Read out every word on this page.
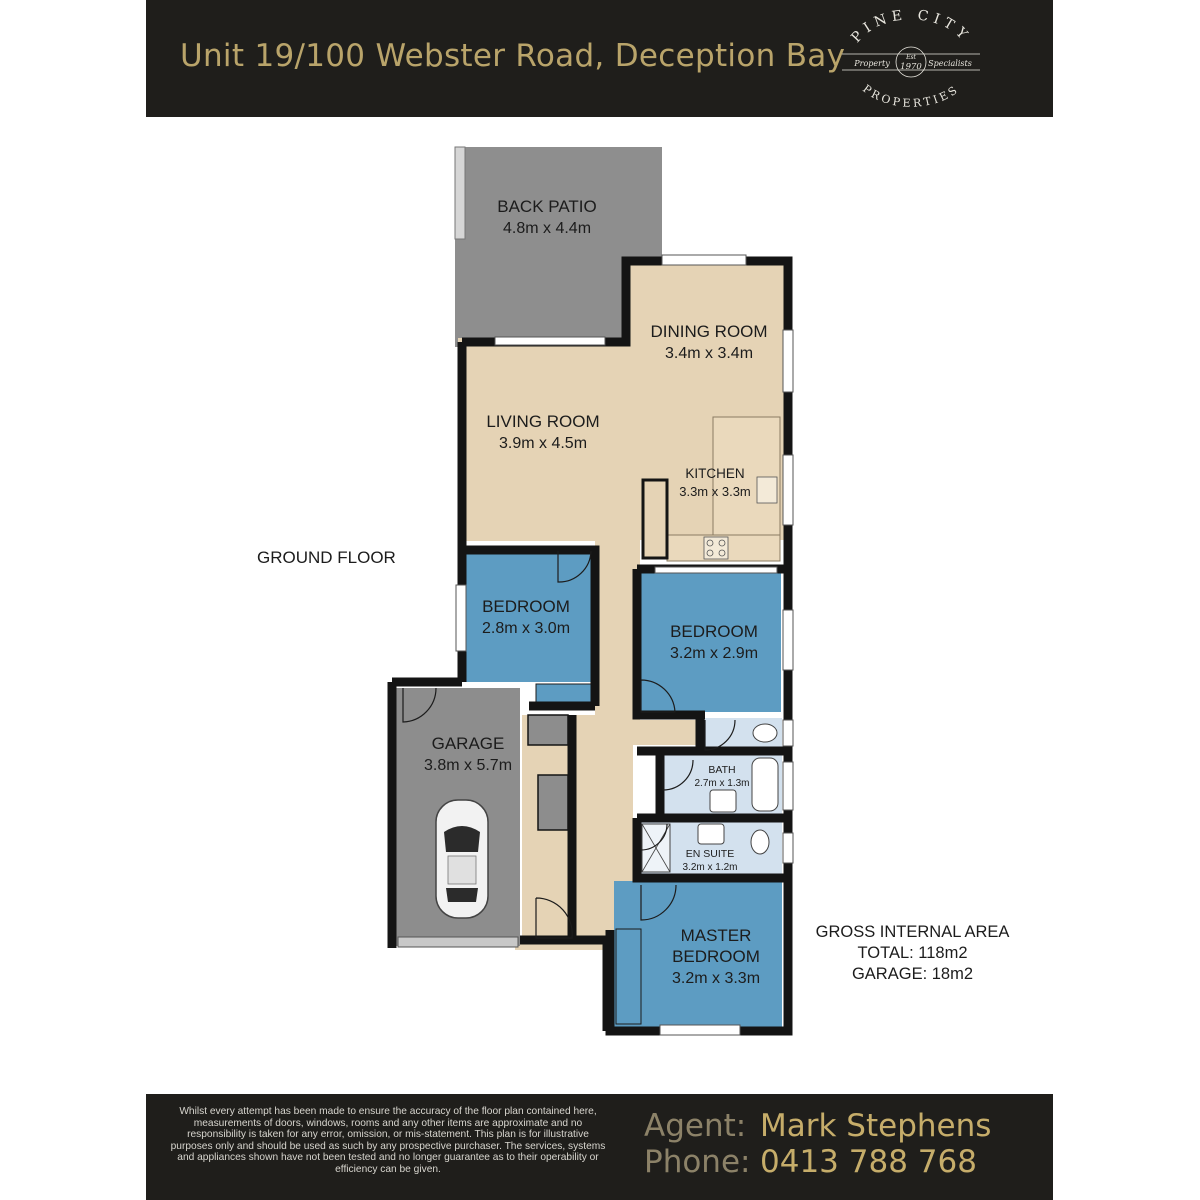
Unit 19/100 Webster Road, Deception Bay
PINE CITY
PROPERTIES
Property
Est
1970 Specialists
BACK PATIO
4.8m x 4.4m
DINING ROOM
3.4m x 3.4m
LIVING ROOM
3.9m x 4.5m
KITCHEN
3.3m x 3.3m
BEDROOM
2.8m x 3.0m	BEDROOM
3.2m x 2.9m
GARAGE
3.8m x 5.7m	BATH
2.7m x 1.3m
EN SUITE
3.2m x 1.2m
MASTER
BEDROOM
3.2m x 3.3m
GROUND FLOOR
GROSS INTERNAL AREA
TOTAL: 118m2
GARAGE: 18m2
Whilst every attempt has been made to ensure the accuracy of the floor plan contained here, measurements of doors, windows, rooms and any other items are approximate and no responsibility is taken for any error, omission, or mis-statement. This plan is for illustrative purposes only and should be used as such by any prospective purchaser. The services, systems and appliances shown have not been tested and no longer guarantee as to their operability or efficiency can be given.
Agent: Mark Stephens
Phone: 0413 788 768
